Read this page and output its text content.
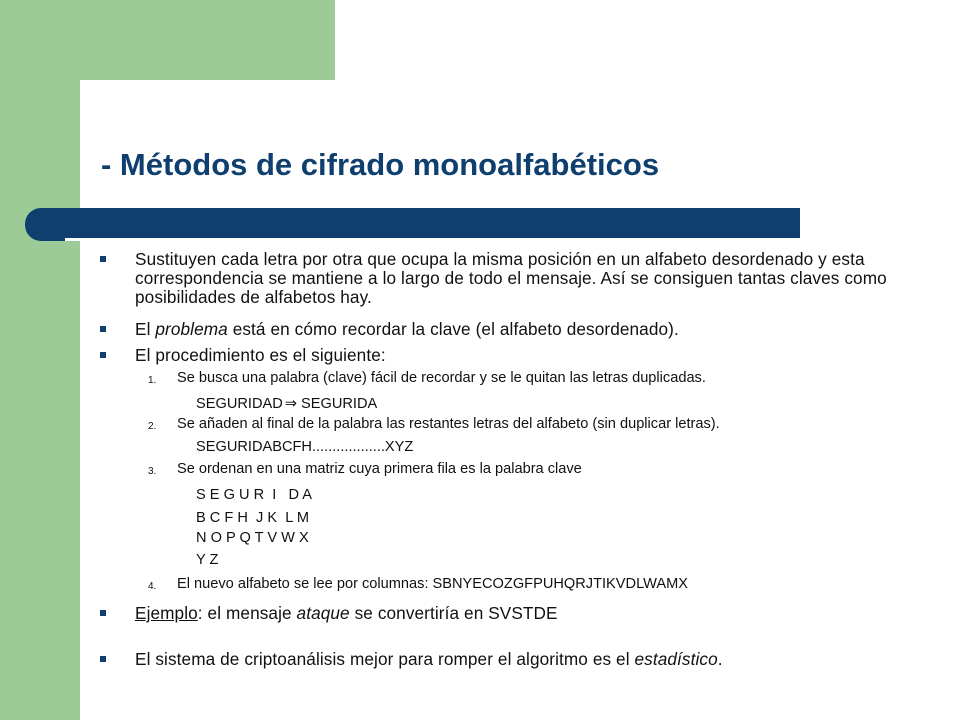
- Métodos de cifrado monoalfabéticos
Sustituyen cada letra por otra que ocupa la misma posición en un alfabeto desordenado y esta correspondencia se mantiene a lo largo de todo el mensaje. Así se consiguen tantas claves como posibilidades de alfabetos hay.
El problema está en cómo recordar la clave (el alfabeto desordenado).
El procedimiento es el siguiente:
1. Se busca una palabra (clave) fácil de recordar y se le quitan las letras duplicadas.
SEGURIDAD ⇒ SEGURIDA
2. Se añaden al final de la palabra las restantes letras del alfabeto (sin duplicar letras).
SEGURIDABCFH..................XYZ
3. Se ordenan en una matriz cuya primera fila es la palabra clave
S E G U R  I   D A
B C F H  J K  L M
N O P Q T V W X
Y Z
4. El nuevo alfabeto se lee por columnas: SBNYECOZGFPUHQRJTIKVDLWAMX
Ejemplo: el mensaje ataque se convertiría en SVSTDE
El sistema de criptoanálisis mejor para romper el algoritmo es el estadístico.
